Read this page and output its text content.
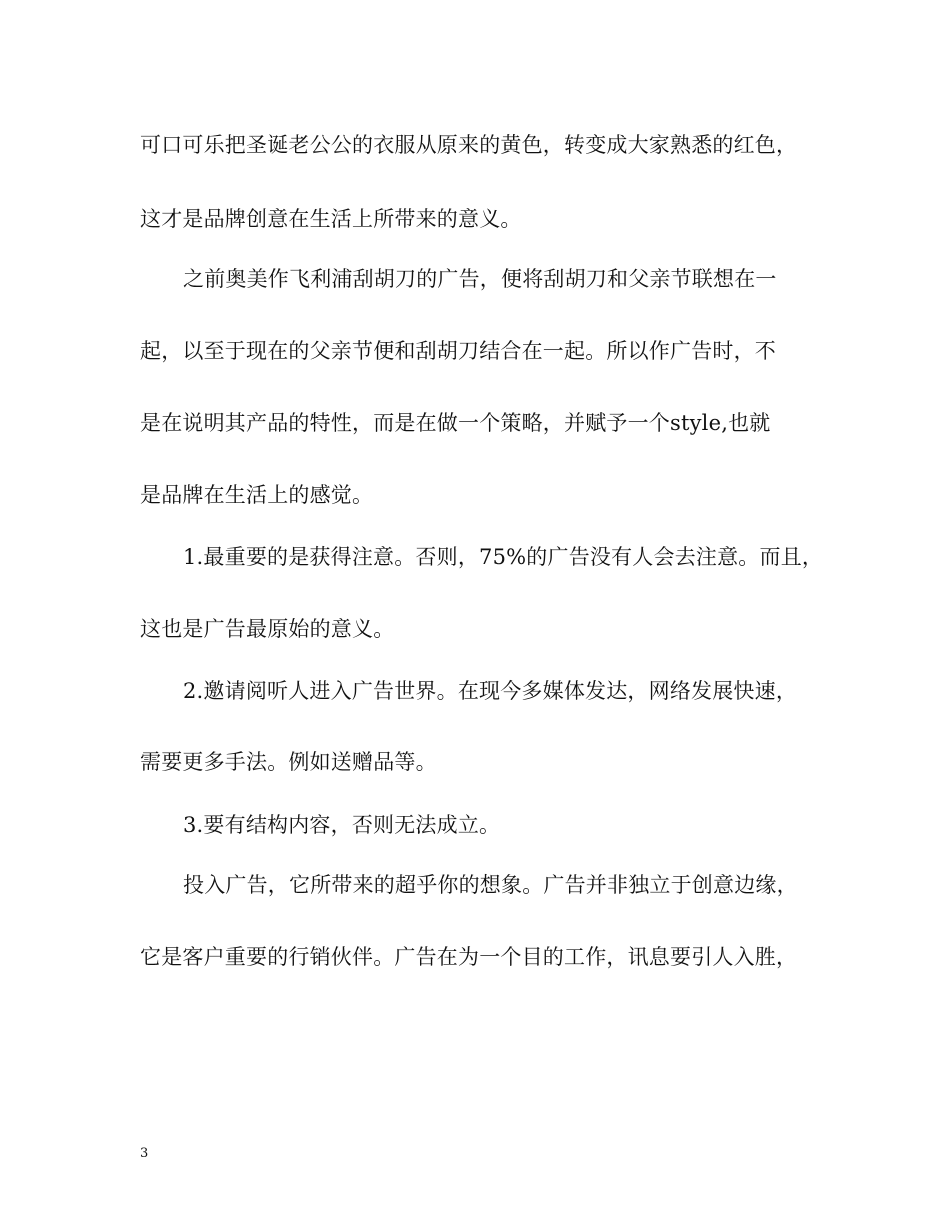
可口可乐把圣诞老公公的衣服从原来的黄色，转变成大家熟悉的红色，
这才是品牌创意在生活上所带来的意义。
之前奥美作飞利浦刮胡刀的广告，便将刮胡刀和父亲节联想在一
起，以至于现在的父亲节便和刮胡刀结合在一起。所以作广告时，不
是在说明其产品的特性，而是在做一个策略，并赋予一个style,也就
是品牌在生活上的感觉。
1.最重要的是获得注意。否则，75%的广告没有人会去注意。而且，
这也是广告最原始的意义。
2.邀请阅听人进入广告世界。在现今多媒体发达，网络发展快速，
需要更多手法。例如送赠品等。
3.要有结构内容，否则无法成立。
投入广告，它所带来的超乎你的想象。广告并非独立于创意边缘，
它是客户重要的行销伙伴。广告在为一个目的工作，讯息要引人入胜，
3
